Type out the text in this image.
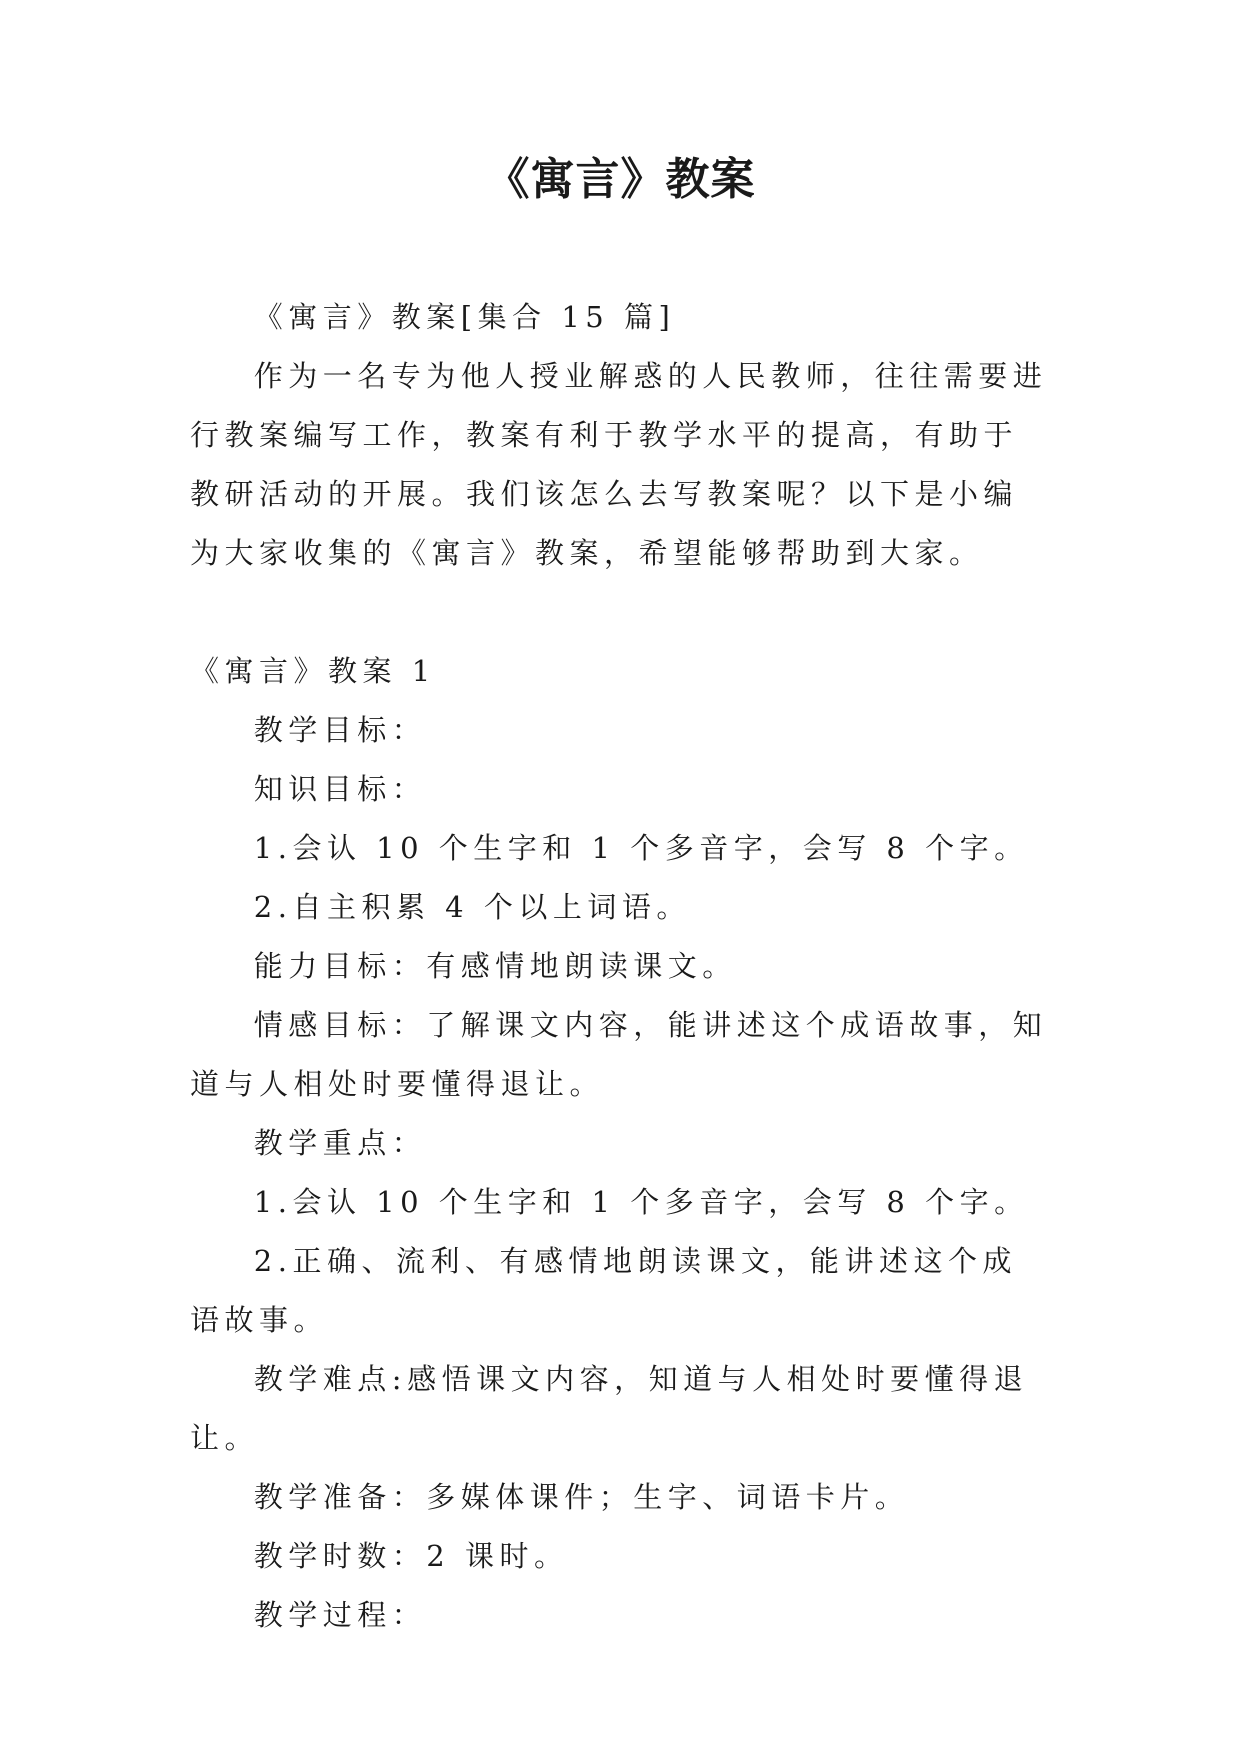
《寓言》教案

《寓言》教案[集合 15 篇]

作为一名专为他人授业解惑的人民教师，往往需要进行教案编写工作，教案有利于教学水平的提高，有助于教研活动的开展。我们该怎么去写教案呢？以下是小编为大家收集的《寓言》教案，希望能够帮助到大家。

《寓言》教案 1

教学目标：

知识目标：

1.会认 10 个生字和 1 个多音字，会写 8 个字。

2.自主积累 4 个以上词语。

能力目标：有感情地朗读课文。

情感目标：了解课文内容，能讲述这个成语故事，知道与人相处时要懂得退让。

教学重点：

1.会认 10 个生字和 1 个多音字，会写 8 个字。

2.正确、流利、有感情地朗读课文，能讲述这个成语故事。

教学难点:感悟课文内容，知道与人相处时要懂得退让。

教学准备：多媒体课件；生字、词语卡片。

教学时数：2 课时。

教学过程：
